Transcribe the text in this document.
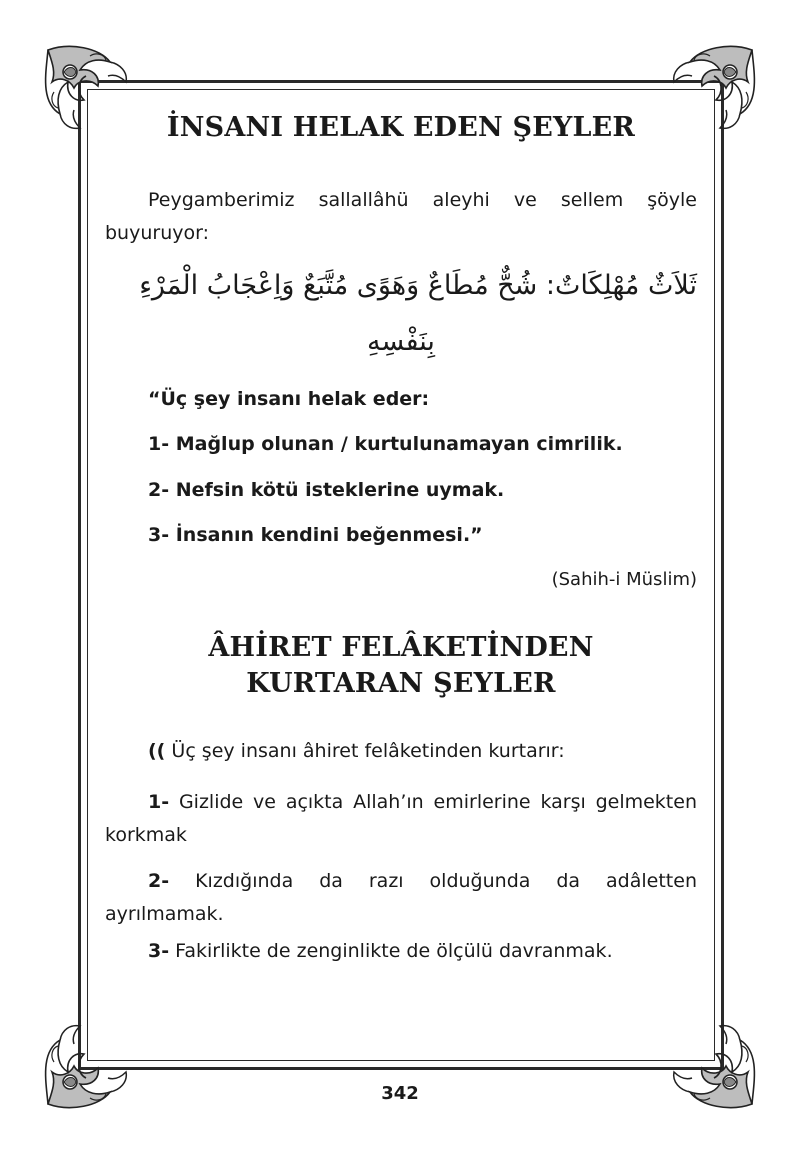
İNSANI HELAK EDEN ŞEYLER

Peygamberimiz sallallâhü aleyhi ve sellem şöyle buyuruyor:

ثَلاَثٌ مُهْلِكَاتٌ: شُحٌّ مُطَاعٌ وَهَوًى مُتَّبَعٌ وَاِعْجَابُ الْمَرْءِ

بِنَفْسِهِ

“Üç şey insanı helak eder:

1- Mağlup olunan / kurtulunamayan cimrilik.

2- Nefsin kötü isteklerine uymak.

3- İnsanın kendini beğenmesi.”

(Sahih-i Müslim)

ÂHİRET FELÂKETİNDEN
KURTARAN ŞEYLER

(( Üç şey insanı âhiret felâketinden kurtarır:

1- Gizlide ve açıkta Allah’ın emirlerine karşı gelmekten korkmak

2- Kızdığında da razı olduğunda da adâletten ayrılmamak.

3- Fakirlikte de zenginlikte de ölçülü davranmak.

342
